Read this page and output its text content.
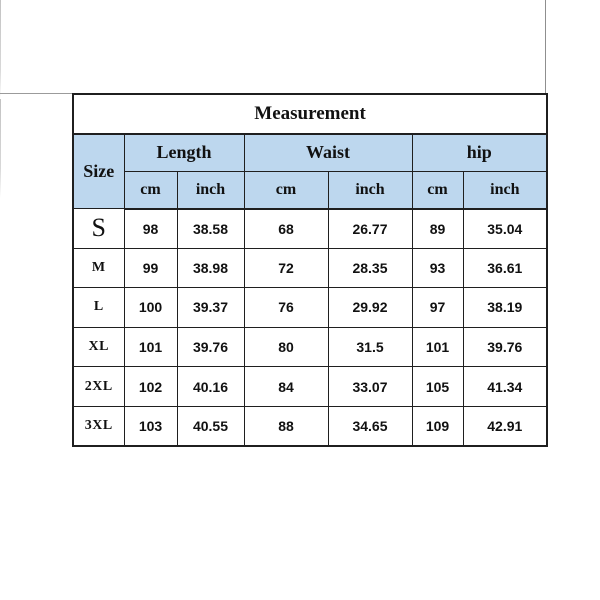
Measurement						
Size	Length		Waist		hip	
	cm	inch	cm	inch	cm	inch
S	98	38.58	68	26.77	89	35.04
M	99	38.98	72	28.35	93	36.61
L	100	39.37	76	29.92	97	38.19
XL	101	39.76	80	31.5	101	39.76
2XL	102	40.16	84	33.07	105	41.34
3XL	103	40.55	88	34.65	109	42.91
